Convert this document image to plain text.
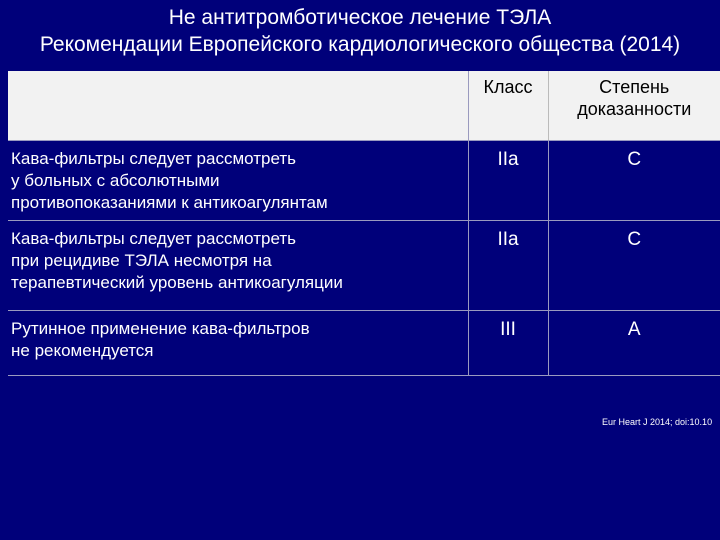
Не антитромботическое лечение ТЭЛА
Рекомендации Европейского кардиологического общества (2014)
	Класс	Степень
доказанности

Кава-фильтры следует рассмотреть
у больных с абсолютными
противопоказаниями к антикоагулянтам	IIa	C

Кава-фильтры следует рассмотреть
при рецидиве ТЭЛА несмотря на
терапевтический уровень антикоагуляции	IIa	C

Рутинное применение кава-фильтров
не рекомендуется	III	A
Eur Heart J 2014; doi:10.10
